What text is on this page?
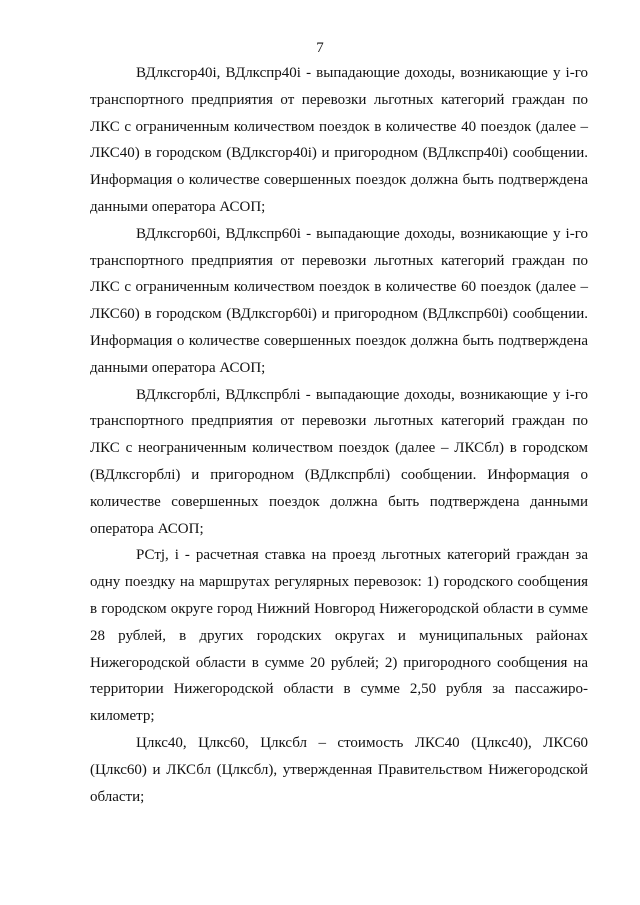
7

ВДлксгор40i, ВДлкспр40i - выпадающие доходы, возникающие у i-го транспортного предприятия от перевозки льготных категорий граждан по ЛКС с ограниченным количеством поездок в количестве 40 поездок (далее – ЛКС40) в городском (ВДлксгор40i) и пригородном (ВДлкспр40i) сообщении. Информация о количестве совершенных поездок должна быть подтверждена данными оператора АСОП;

ВДлксгор60i, ВДлкспр60i - выпадающие доходы, возникающие у i-го транспортного предприятия от перевозки льготных категорий граждан по ЛКС с ограниченным количеством поездок в количестве 60 поездок (далее – ЛКС60) в городском (ВДлксгор60i) и пригородном (ВДлкспр60i) сообщении. Информация о количестве совершенных поездок должна быть подтверждена данными оператора АСОП;

ВДлксгорблi, ВДлкспрблi - выпадающие доходы, возникающие у i-го транспортного предприятия от перевозки льготных категорий граждан по ЛКС с неограниченным количеством поездок (далее – ЛКСбл) в городском (ВДлксгорблi) и пригородном (ВДлкспрблi) сообщении. Информация о количестве совершенных поездок должна быть подтверждена данными оператора АСОП;

РСтj, i - расчетная ставка на проезд льготных категорий граждан за одну поездку на маршрутах регулярных перевозок: 1) городского сообщения в городском округе город Нижний Новгород Нижегородской области в сумме 28 рублей, в других городских округах и муниципальных районах Нижегородской области в сумме 20 рублей; 2) пригородного сообщения на территории Нижегородской области в сумме 2,50 рубля за пассажиро-километр;

Цлкс40, Цлкс60, Цлксбл – стоимость ЛКС40 (Цлкс40), ЛКС60 (Цлкс60) и ЛКСбл (Цлксбл), утвержденная Правительством Нижегородской области;
